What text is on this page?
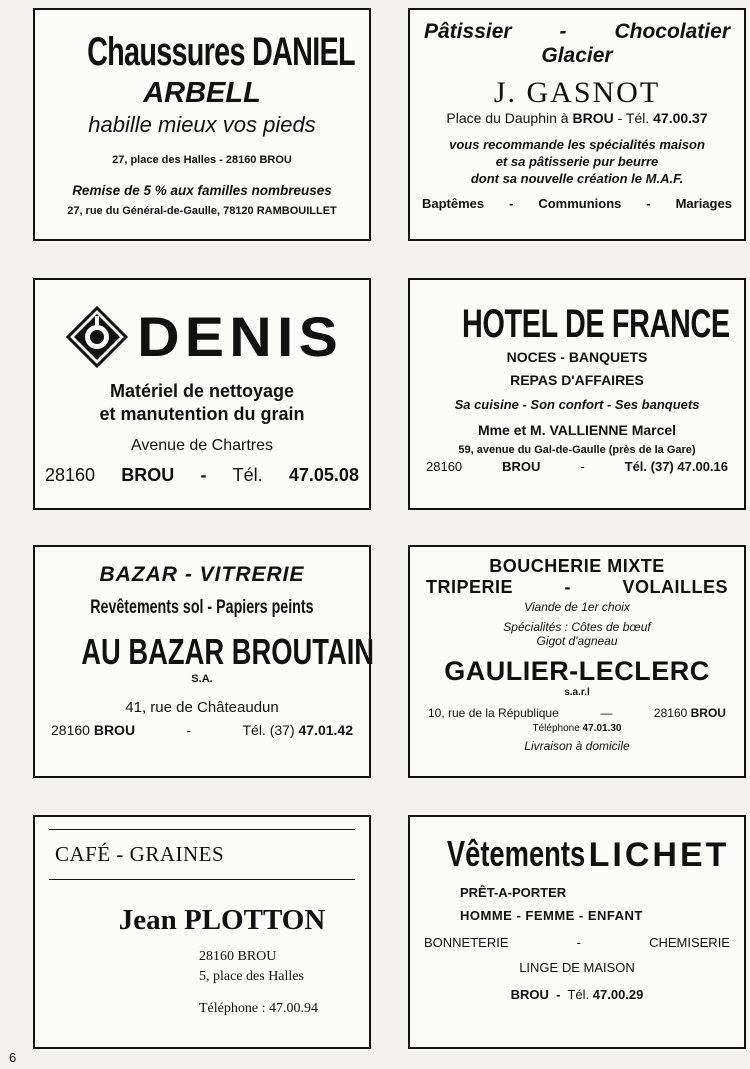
Chaussures DANIEL
ARBELL
habille mieux vos pieds
27, place des Halles - 28160 BROU
Remise de 5 % aux familles nombreuses
27, rue du Général-de-Gaulle, 78120 RAMBOUILLET
Pâtissier - Chocolatier
Glacier
J. GASNOT
Place du Dauphin à BROU - Tél. 47.00.37
vous recommande les spécialités maison
et sa pâtisserie pur beurre
dont sa nouvelle création le M.A.F.
Baptêmes - Communions - Mariages
DENIS
Matériel de nettoyage
et manutention du grain
Avenue de Chartres
28160 BROU - Tél. 47.05.08
HOTEL DE FRANCE
NOCES - BANQUETS
REPAS D'AFFAIRES
Sa cuisine - Son confort - Ses banquets
Mme et M. VALLIENNE Marcel
59, avenue du Gal-de-Gaulle (près de la Gare)
28160	BROU	-	Tél. (37) 47.00.16
BAZAR - VITRERIE
Revêtements sol - Papiers peints
AU BAZAR BROUTAIN
S.A.
41, rue de Châteaudun
28160 BROU	-	Tél. (37) 47.01.42
BOUCHERIE MIXTE
TRIPERIE	-	VOLAILLES
Viande de 1er choix
Spécialités : Côtes de bœuf
Gigot d'agneau
GAULIER-LECLERC
s.a.r.l
10, rue de la République	—	28160 BROU
Téléphone 47.01.30
Livraison à domicile
CAFÉ - GRAINES
Jean PLOTTON
28160 BROU
5, place des Halles
Téléphone : 47.00.94
Vêtements LICHET
PRÊT-A-PORTER
HOMME - FEMME - ENFANT
BONNETERIE	-	CHEMISERIE
LINGE DE MAISON
BROU - Tél. 47.00.29
6
